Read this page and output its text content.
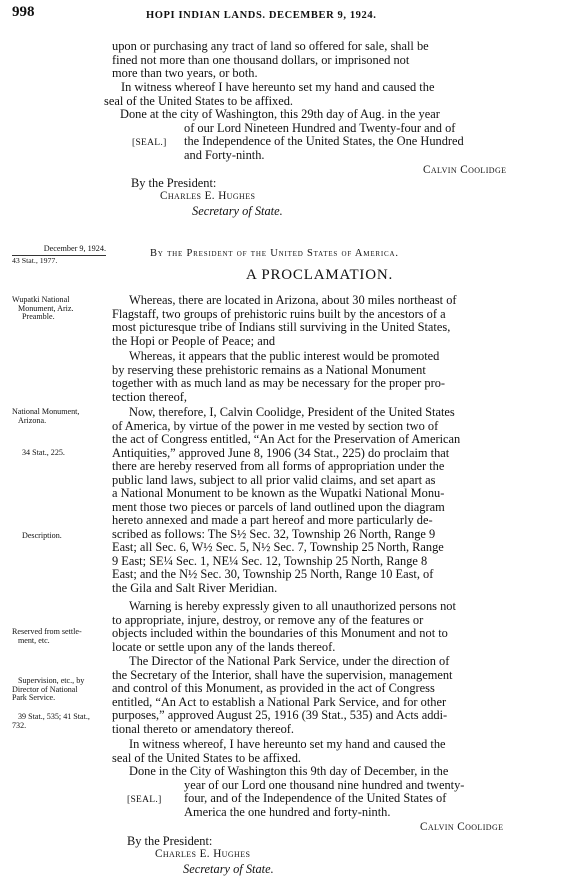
998	HOPI INDIAN LANDS. DECEMBER 9, 1924.

upon or purchasing any tract of land so offered for sale, shall be
fined not more than one thousand dollars, or imprisoned not
more than two years, or both.

In witness whereof I have hereunto set my hand and caused the
seal of the United States to be affixed.

Done at the city of Washington, this 29th day of Aug. in the year
of our Lord Nineteen Hundred and Twenty-four and of
the Independence of the United States, the One Hundred
and Forty-ninth.

[SEAL.]
Calvin Coolidge
By the President:
Charles E. Hughes
Secretary of State.
December 9, 1924.
43 Stat., 1977.
Wupatki National
Monument, Ariz.
Preamble.
National Monument,
Arizona.
34 Stat., 225.
Description.
Reserved from settle-
ment, etc.
Supervision, etc., by
Director of National
Park Service.
39 Stat., 535; 41 Stat.,
732.
By the President of the United States of America.
A PROCLAMATION.

Whereas, there are located in Arizona, about 30 miles northeast of
Flagstaff, two groups of prehistoric ruins built by the ancestors of a
most picturesque tribe of Indians still surviving in the United States,
the Hopi or People of Peace; and

Whereas, it appears that the public interest would be promoted
by reserving these prehistoric remains as a National Monument
together with as much land as may be necessary for the proper pro-
tection thereof,

Now, therefore, I, Calvin Coolidge, President of the United States
of America, by virtue of the power in me vested by section two of
the act of Congress entitled, “An Act for the Preservation of American
Antiquities,” approved June 8, 1906 (34 Stat., 225) do proclaim that
there are hereby reserved from all forms of appropriation under the
public land laws, subject to all prior valid claims, and set apart as
a National Monument to be known as the Wupatki National Monu-
ment those two pieces or parcels of land outlined upon the diagram
hereto annexed and made a part hereof and more particularly de-
scribed as follows: The S½ Sec. 32, Township 26 North, Range 9
East; all Sec. 6, W½ Sec. 5, N½ Sec. 7, Township 25 North, Range
9 East; SE¼ Sec. 1, NE¼ Sec. 12, Township 25 North, Range 8
East; and the N½ Sec. 30, Township 25 North, Range 10 East, of
the Gila and Salt River Meridian.

Warning is hereby expressly given to all unauthorized persons not
to appropriate, injure, destroy, or remove any of the features or
objects included within the boundaries of this Monument and not to
locate or settle upon any of the lands thereof.

The Director of the National Park Service, under the direction of
the Secretary of the Interior, shall have the supervision, management
and control of this Monument, as provided in the act of Congress
entitled, “An Act to establish a National Park Service, and for other
purposes,” approved August 25, 1916 (39 Stat., 535) and Acts addi-
tional thereto or amendatory thereof.

In witness whereof, I have hereunto set my hand and caused the
seal of the United States to be affixed.

Done in the City of Washington this 9th day of December, in the
year of our Lord one thousand nine hundred and twenty-
four, and of the Independence of the United States of
America the one hundred and forty-ninth.

[SEAL.]
Calvin Coolidge
By the President:
Charles E. Hughes
Secretary of State.
